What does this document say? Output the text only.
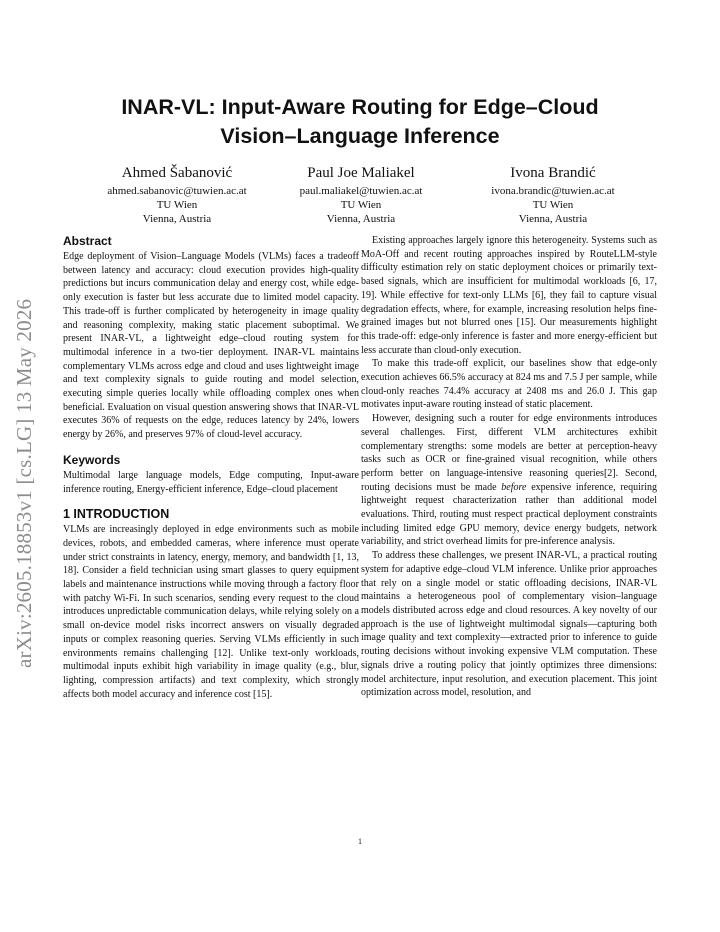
arXiv:2605.18853v1 [cs.LG] 13 May 2026
INAR-VL: Input-Aware Routing for Edge–Cloud
Vision–Language Inference
Ahmed Šabanović
ahmed.sabanovic@tuwien.ac.at
TU Wien
Vienna, Austria
Paul Joe Maliakel
paul.maliakel@tuwien.ac.at
TU Wien
Vienna, Austria
Ivona Brandić
ivona.brandic@tuwien.ac.at
TU Wien
Vienna, Austria
Abstract

Edge deployment of Vision–Language Models (VLMs) faces a tradeoff between latency and accuracy: cloud execution provides high-quality predictions but incurs communication delay and energy cost, while edge-only execution is faster but less accurate due to limited model capacity. This trade-off is further complicated by heterogeneity in image quality and reasoning complexity, making static placement suboptimal. We present INAR-VL, a lightweight edge–cloud routing system for multimodal inference in a two-tier deployment. INAR-VL maintains complementary VLMs across edge and cloud and uses lightweight image and text complexity signals to guide routing and model selection, executing simple queries locally while offloading complex ones when beneficial. Evaluation on visual question answering shows that INAR-VL executes 36% of requests on the edge, reduces latency by 24%, lowers energy by 26%, and preserves 97% of cloud-level accuracy.

Keywords

Multimodal large language models, Edge computing, Input-aware inference routing, Energy-efficient inference, Edge–cloud placement

1 INTRODUCTION

VLMs are increasingly deployed in edge environments such as mobile devices, robots, and embedded cameras, where inference must operate under strict constraints in latency, energy, memory, and bandwidth [1, 13, 18]. Consider a field technician using smart glasses to query equipment labels and maintenance instructions while moving through a factory floor with patchy Wi-Fi. In such scenarios, sending every request to the cloud introduces unpredictable communication delays, while relying solely on a small on-device model risks incorrect answers on visually degraded inputs or complex reasoning queries. Serving VLMs efficiently in such environments remains challenging [12]. Unlike text-only workloads, multimodal inputs exhibit high variability in image quality (e.g., blur, lighting, compression artifacts) and text complexity, which strongly affects both model accuracy and inference cost [15].

Existing approaches largely ignore this heterogeneity. Systems such as MoA-Off and recent routing approaches inspired by RouteLLM-style difficulty estimation rely on static deployment choices or primarily text-based signals, which are insufficient for multimodal workloads [6, 17, 19]. While effective for text-only LLMs [6], they fail to capture visual degradation effects, where, for example, increasing resolution helps fine-grained images but not blurred ones [15]. Our measurements highlight this trade-off: edge-only inference is faster and more energy-efficient but less accurate than cloud-only execution.

To make this trade-off explicit, our baselines show that edge-only execution achieves 66.5% accuracy at 824 ms and 7.5 J per sample, while cloud-only reaches 74.4% accuracy at 2408 ms and 26.0 J. This gap motivates input-aware routing instead of static placement.

However, designing such a router for edge environments introduces several challenges. First, different VLM architectures exhibit complementary strengths: some models are better at perception-heavy tasks such as OCR or fine-grained visual recognition, while others perform better on language-intensive reasoning queries[2]. Second, routing decisions must be made before expensive inference, requiring lightweight request characterization rather than additional model evaluations. Third, routing must respect practical deployment constraints including limited edge GPU memory, device energy budgets, network variability, and strict overhead limits for pre-inference analysis.

To address these challenges, we present INAR-VL, a practical routing system for adaptive edge–cloud VLM inference. Unlike prior approaches that rely on a single model or static offloading decisions, INAR-VL maintains a heterogeneous pool of complementary vision–language models distributed across edge and cloud resources. A key novelty of our approach is the use of lightweight multimodal signals—capturing both image quality and text complexity—extracted prior to inference to guide routing decisions without invoking expensive VLM computation. These signals drive a routing policy that jointly optimizes three dimensions: model architecture, input resolution, and execution placement. This joint optimization across model, resolution, and

1
